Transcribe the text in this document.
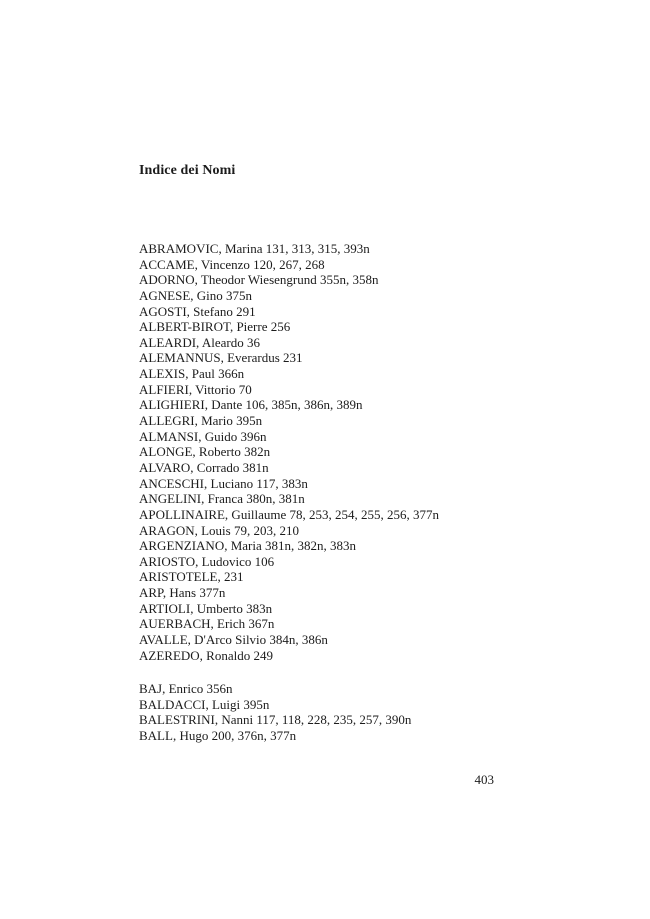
Indice dei Nomi
ABRAMOVIC, Marina 131, 313, 315, 393n
ACCAME, Vincenzo 120, 267, 268
ADORNO, Theodor Wiesengrund 355n, 358n
AGNESE, Gino 375n
AGOSTI, Stefano 291
ALBERT-BIROT, Pierre 256
ALEARDI, Aleardo 36
ALEMANNUS, Everardus 231
ALEXIS, Paul 366n
ALFIERI, Vittorio 70
ALIGHIERI, Dante 106, 385n, 386n, 389n
ALLEGRI, Mario 395n
ALMANSI, Guido 396n
ALONGE, Roberto 382n
ALVARO, Corrado 381n
ANCESCHI, Luciano 117, 383n
ANGELINI, Franca 380n, 381n
APOLLINAIRE, Guillaume 78, 253, 254, 255, 256, 377n
ARAGON, Louis 79, 203, 210
ARGENZIANO, Maria 381n, 382n, 383n
ARIOSTO, Ludovico 106
ARISTOTELE, 231
ARP, Hans 377n
ARTIOLI, Umberto 383n
AUERBACH, Erich 367n
AVALLE, D'Arco Silvio 384n, 386n
AZEREDO, Ronaldo 249
BAJ, Enrico 356n
BALDACCI, Luigi 395n
BALESTRINI, Nanni 117, 118, 228, 235, 257, 390n
BALL, Hugo 200, 376n, 377n
403
